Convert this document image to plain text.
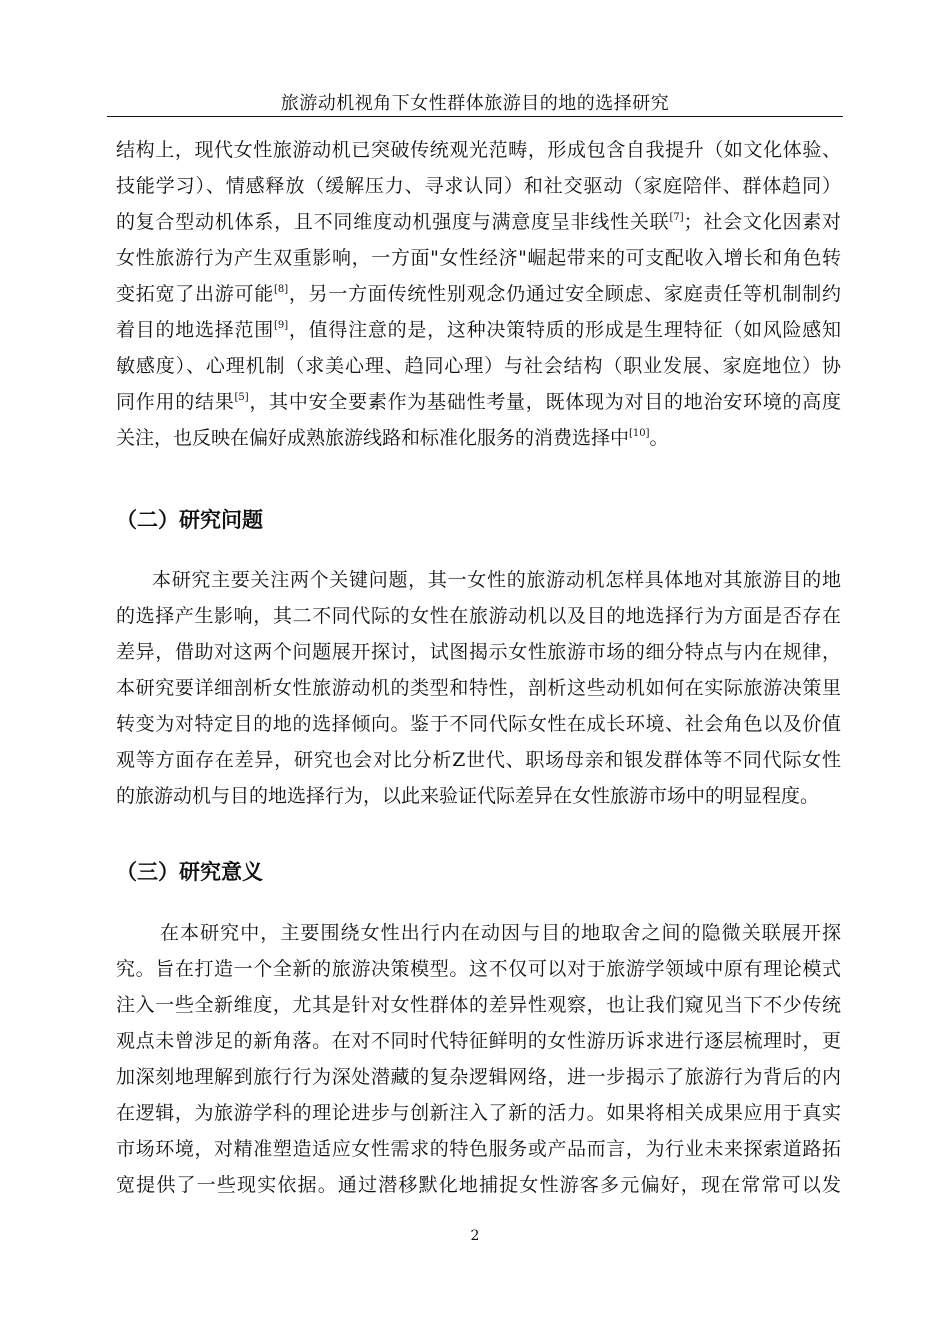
旅游动机视角下女性群体旅游目的地的选择研究
结构上，现代女性旅游动机已突破传统观光范畴，形成包含自我提升（如文化体验、
技能学习）、情感释放（缓解压力、寻求认同）和社交驱动（家庭陪伴、群体趋同）
的复合型动机体系，且不同维度动机强度与满意度呈非线性关联[7]；社会文化因素对
女性旅游行为产生双重影响，一方面"女性经济"崛起带来的可支配收入增长和角色转
变拓宽了出游可能[8]，另一方面传统性别观念仍通过安全顾虑、家庭责任等机制制约
着目的地选择范围[9]，值得注意的是，这种决策特质的形成是生理特征（如风险感知
敏感度）、心理机制（求美心理、趋同心理）与社会结构（职业发展、家庭地位）协
同作用的结果[5]，其中安全要素作为基础性考量，既体现为对目的地治安环境的高度
关注，也反映在偏好成熟旅游线路和标准化服务的消费选择中[10]。
（二）研究问题
本研究主要关注两个关键问题，其一女性的旅游动机怎样具体地对其旅游目的地
的选择产生影响，其二不同代际的女性在旅游动机以及目的地选择行为方面是否存在
差异，借助对这两个问题展开探讨，试图揭示女性旅游市场的细分特点与内在规律，
本研究要详细剖析女性旅游动机的类型和特性，剖析这些动机如何在实际旅游决策里
转变为对特定目的地的选择倾向。鉴于不同代际女性在成长环境、社会角色以及价值
观等方面存在差异，研究也会对比分析Z世代、职场母亲和银发群体等不同代际女性
的旅游动机与目的地选择行为，以此来验证代际差异在女性旅游市场中的明显程度。
（三）研究意义
在本研究中，主要围绕女性出行内在动因与目的地取舍之间的隐微关联展开探
究。旨在打造一个全新的旅游决策模型。这不仅可以对于旅游学领域中原有理论模式
注入一些全新维度，尤其是针对女性群体的差异性观察，也让我们窥见当下不少传统
观点未曾涉足的新角落。在对不同时代特征鲜明的女性游历诉求进行逐层梳理时，更
加深刻地理解到旅行行为深处潜藏的复杂逻辑网络，进一步揭示了旅游行为背后的内
在逻辑，为旅游学科的理论进步与创新注入了新的活力。如果将相关成果应用于真实
市场环境，对精准塑造适应女性需求的特色服务或产品而言，为行业未来探索道路拓
宽提供了一些现实依据。通过潜移默化地捕捉女性游客多元偏好，现在常常可以发
2
